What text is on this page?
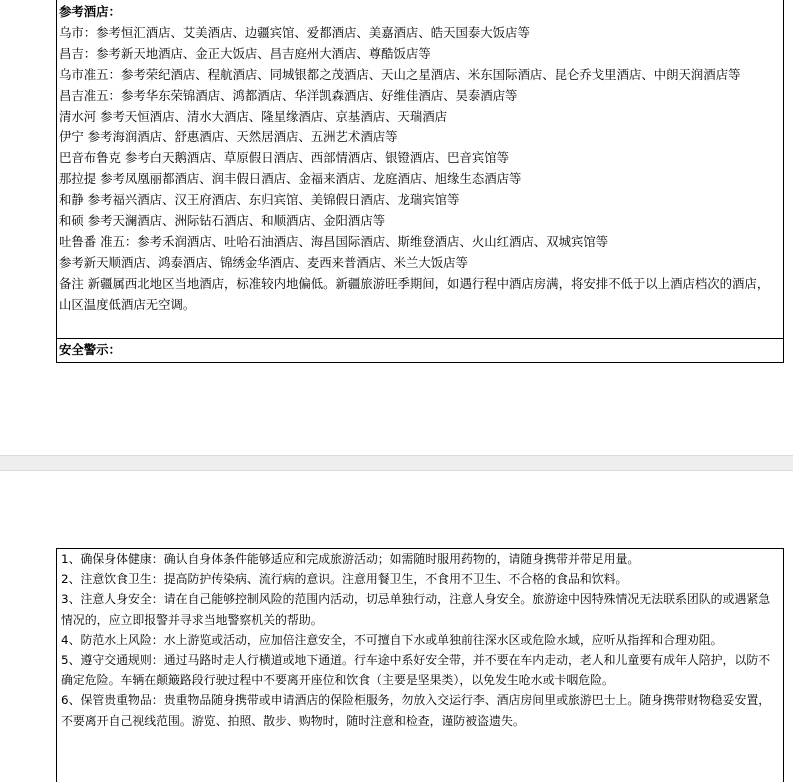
参考酒店：
乌市：参考恒汇酒店、艾美酒店、边疆宾馆、爱都酒店、美嘉酒店、皓天国泰大饭店等
昌吉：参考新天地酒店、金正大饭店、昌吉庭州大酒店、尊酷饭店等
乌市准五：参考荣纪酒店、程航酒店、同城银都之茂酒店、天山之星酒店、米东国际酒店、昆仑乔戈里酒店、中朗天润酒店等
昌吉准五：参考华东荣锦酒店、鸿都酒店、华洋凯森酒店、好维佳酒店、昊泰酒店等
清水河 参考天恒酒店、清水大酒店、隆星缘酒店、京基酒店、天瑞酒店
伊宁 参考海润酒店、舒惠酒店、天然居酒店、五洲艺术酒店等
巴音布鲁克 参考白天鹅酒店、草原假日酒店、西部情酒店、银镫酒店、巴音宾馆等
那拉提 参考凤凰丽都酒店、润丰假日酒店、金福来酒店、龙庭酒店、旭缘生态酒店等
和静 参考福兴酒店、汉王府酒店、东归宾馆、美锦假日酒店、龙瑞宾馆等
和硕 参考天澜酒店、洲际钻石酒店、和顺酒店、金阳酒店等
吐鲁番 准五：参考禾润酒店、吐哈石油酒店、海昌国际酒店、斯维登酒店、火山红酒店、双城宾馆等
参考新天顺酒店、鸿泰酒店、锦绣金华酒店、麦西来普酒店、米兰大饭店等
备注 新疆属西北地区当地酒店，标准较内地偏低。新疆旅游旺季期间，如遇行程中酒店房满，将安排不低于以上酒店档次的酒店，山区温度低酒店无空调。
安全警示：
1、确保身体健康：确认自身体条件能够适应和完成旅游活动；如需随时服用药物的，请随身携带并带足用量。
2、注意饮食卫生：提高防护传染病、流行病的意识。注意用餐卫生，不食用不卫生、不合格的食品和饮料。
3、注意人身安全：请在自己能够控制风险的范围内活动，切忌单独行动，注意人身安全。旅游途中因特殊情况无法联系团队的或遇紧急情况的，应立即报警并寻求当地警察机关的帮助。
4、防范水上风险：水上游览或活动，应加倍注意安全，不可擅自下水或单独前往深水区或危险水域，应听从指挥和合理劝阻。
5、遵守交通规则：通过马路时走人行横道或地下通道。行车途中系好安全带，并不要在车内走动，老人和儿童要有成年人陪护，以防不确定危险。车辆在颠簸路段行驶过程中不要离开座位和饮食（主要是坚果类），以免发生呛水或卡咽危险。
6、保管贵重物品：贵重物品随身携带或申请酒店的保险柜服务，勿放入交运行李、酒店房间里或旅游巴士上。随身携带财物稳妥安置，不要离开自己视线范围。游览、拍照、散步、购物时，随时注意和检查，谨防被盗遗失。
